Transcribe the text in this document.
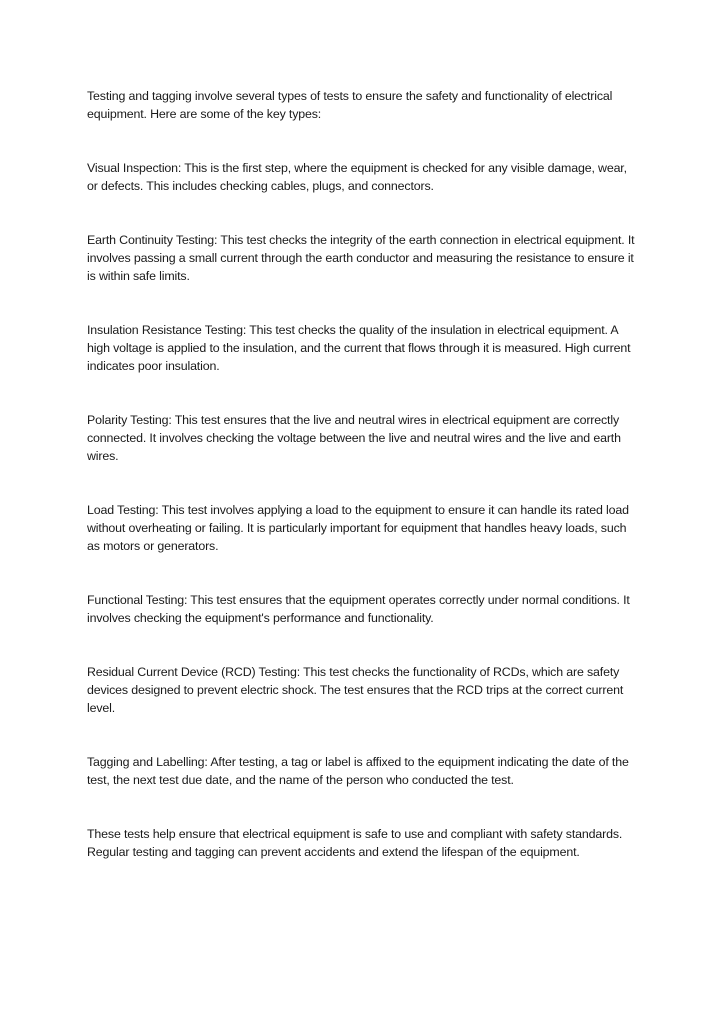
Testing and tagging involve several types of tests to ensure the safety and functionality of electrical equipment. Here are some of the key types:

Visual Inspection: This is the first step, where the equipment is checked for any visible damage, wear, or defects. This includes checking cables, plugs, and connectors.

Earth Continuity Testing: This test checks the integrity of the earth connection in electrical equipment. It involves passing a small current through the earth conductor and measuring the resistance to ensure it is within safe limits.

Insulation Resistance Testing: This test checks the quality of the insulation in electrical equipment. A high voltage is applied to the insulation, and the current that flows through it is measured. High current indicates poor insulation.

Polarity Testing: This test ensures that the live and neutral wires in electrical equipment are correctly connected. It involves checking the voltage between the live and neutral wires and the live and earth wires.

Load Testing: This test involves applying a load to the equipment to ensure it can handle its rated load without overheating or failing. It is particularly important for equipment that handles heavy loads, such as motors or generators.

Functional Testing: This test ensures that the equipment operates correctly under normal conditions. It involves checking the equipment's performance and functionality.

Residual Current Device (RCD) Testing: This test checks the functionality of RCDs, which are safety devices designed to prevent electric shock. The test ensures that the RCD trips at the correct current level.

Tagging and Labelling: After testing, a tag or label is affixed to the equipment indicating the date of the test, the next test due date, and the name of the person who conducted the test.

These tests help ensure that electrical equipment is safe to use and compliant with safety standards. Regular testing and tagging can prevent accidents and extend the lifespan of the equipment.
